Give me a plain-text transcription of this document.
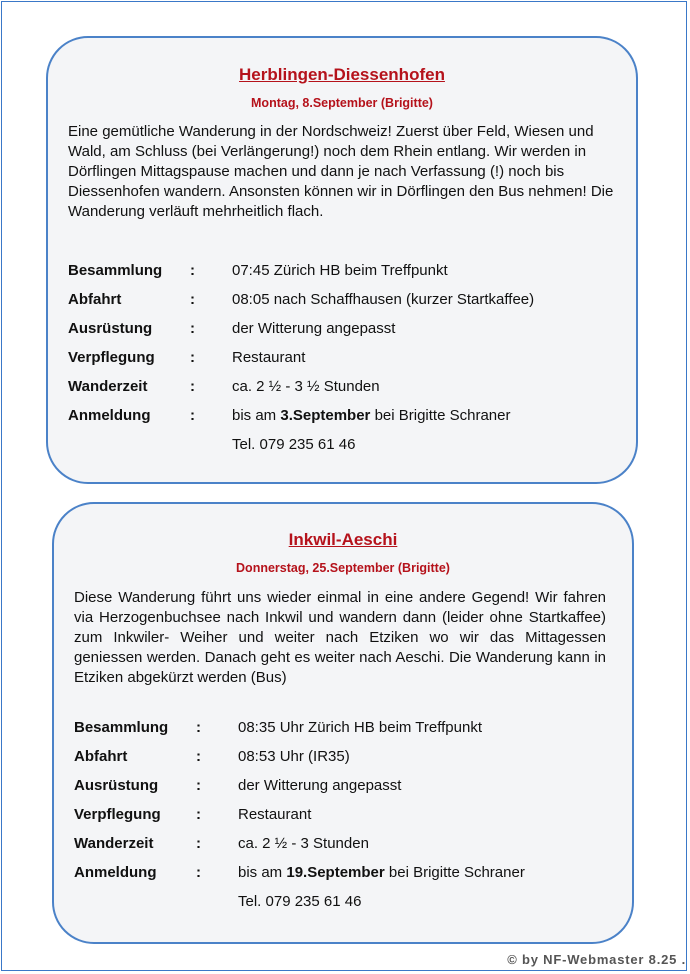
Herblingen-Diessenhofen
Montag, 8.September (Brigitte)

Eine gemütliche Wanderung in der Nordschweiz! Zuerst über Feld, Wiesen und Wald, am Schluss (bei Verlängerung!) noch dem Rhein entlang. Wir werden in Dörflingen Mittagspause machen und dann je nach Verfassung (!) noch bis Diessenhofen wandern. Ansonsten können wir in Dörflingen den Bus nehmen! Die Wanderung verläuft mehrheitlich flach.

Besammlung : 07:45 Zürich HB beim Treffpunkt
Abfahrt	: 08:05 nach Schaffhausen (kurzer Startkaffee)
Ausrüstung	: der Witterung angepasst
Verpflegung : Restaurant
Wanderzeit	: ca. 2 ½ - 3 ½ Stunden
Anmeldung	: bis am 3.September bei Brigitte Schraner
Tel. 079 235 61 46
Inkwil-Aeschi
Donnerstag, 25.September (Brigitte)

Diese Wanderung führt uns wieder einmal in eine andere Gegend! Wir fahren via Herzogenbuchsee nach Inkwil und wandern dann (leider ohne Startkaffee) zum Inkwiler- Weiher und weiter nach Etziken wo wir das Mittagessen geniessen werden. Danach geht es weiter nach Aeschi. Die Wanderung kann in Etziken abgekürzt werden (Bus)

Besammlung : 08:35 Uhr Zürich HB beim Treffpunkt
Abfahrt	: 08:53 Uhr (IR35)
Ausrüstung	: der Witterung angepasst
Verpflegung : Restaurant
Wanderzeit	: ca. 2 ½ - 3 Stunden
Anmeldung	: bis am 19.September bei Brigitte Schraner
Tel. 079 235 61 46
© by NF-Webmaster 8.25 .
